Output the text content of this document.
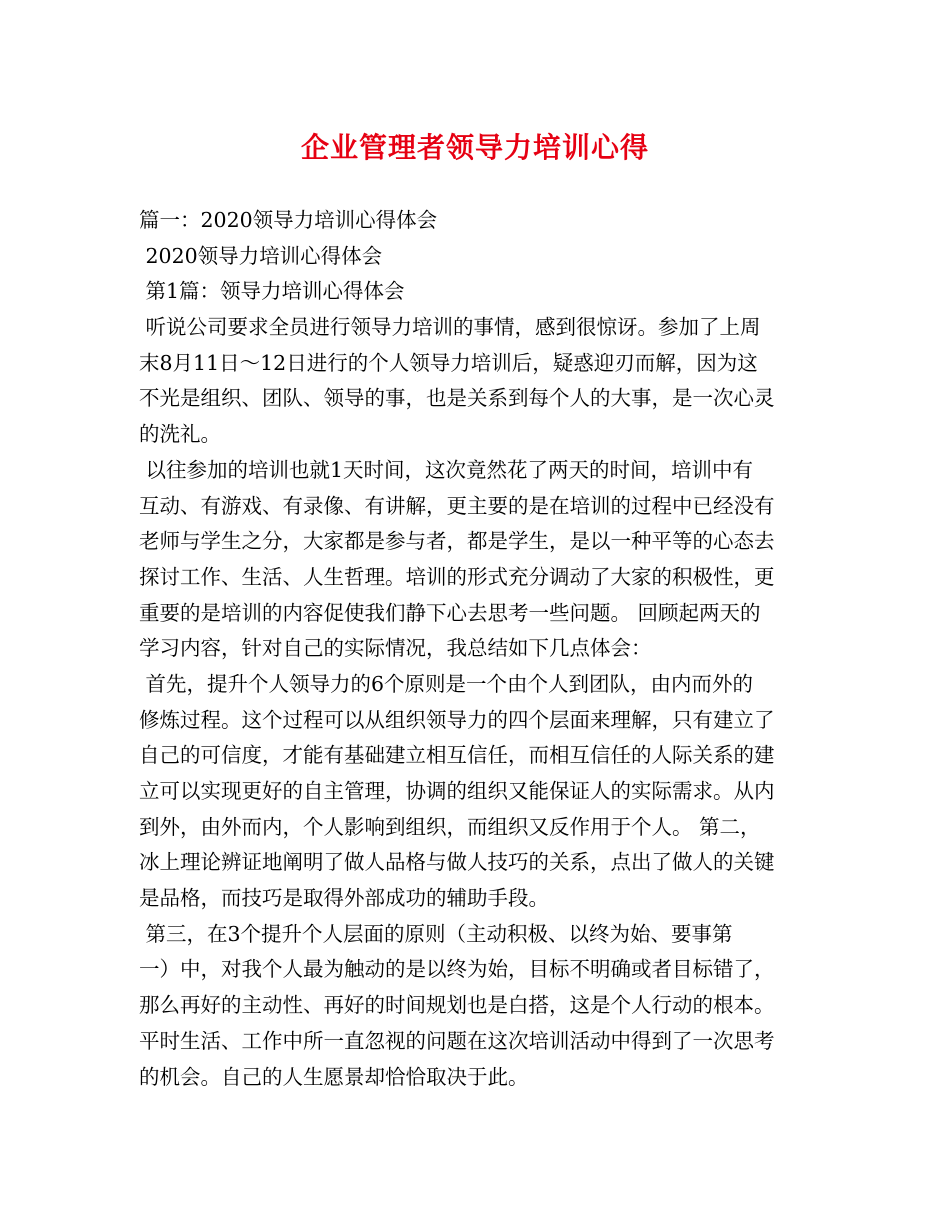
企业管理者领导力培训心得
篇一：2020领导力培训心得体会
2020领导力培训心得体会
第1篇：领导力培训心得体会
听说公司要求全员进行领导力培训的事情，感到很惊讶。参加了上周
末8月11日～12日进行的个人领导力培训后，疑惑迎刃而解，因为这
不光是组织、团队、领导的事，也是关系到每个人的大事，是一次心灵
的洗礼。
以往参加的培训也就1天时间，这次竟然花了两天的时间，培训中有
互动、有游戏、有录像、有讲解，更主要的是在培训的过程中已经没有
老师与学生之分，大家都是参与者，都是学生，是以一种平等的心态去
探讨工作、生活、人生哲理。培训的形式充分调动了大家的积极性，更
重要的是培训的内容促使我们静下心去思考一些问题。 回顾起两天的
学习内容，针对自己的实际情况，我总结如下几点体会：
首先，提升个人领导力的6个原则是一个由个人到团队，由内而外的
修炼过程。这个过程可以从组织领导力的四个层面来理解，只有建立了
自己的可信度，才能有基础建立相互信任，而相互信任的人际关系的建
立可以实现更好的自主管理，协调的组织又能保证人的实际需求。从内
到外，由外而内，个人影响到组织，而组织又反作用于个人。 第二，
冰上理论辨证地阐明了做人品格与做人技巧的关系，点出了做人的关键
是品格，而技巧是取得外部成功的辅助手段。
第三，在3个提升个人层面的原则（主动积极、以终为始、要事第
一）中，对我个人最为触动的是以终为始，目标不明确或者目标错了，
那么再好的主动性、再好的时间规划也是白搭，这是个人行动的根本。
平时生活、工作中所一直忽视的问题在这次培训活动中得到了一次思考
的机会。自己的人生愿景却恰恰取决于此。
